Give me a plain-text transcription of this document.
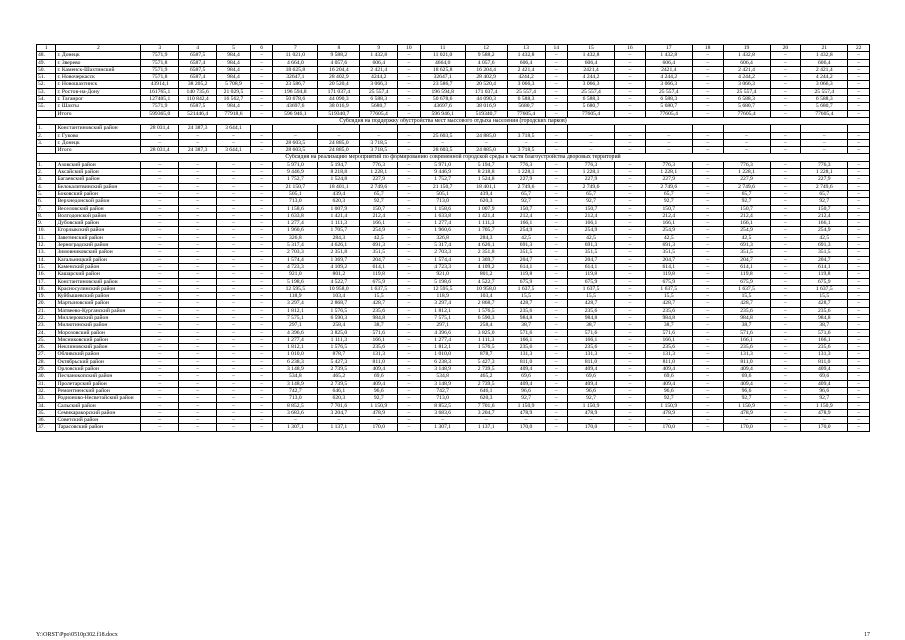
1	2	3	4	5	6	7	8	9	10	11	12	13	14	15	16	17	18	19	20	21	22
48.	г. Донецк	7571,9	6587,5	984,4	–	11 021,0	9 588,2	1 432,8	–	11 021,0	9 588,2	1 432,8	–	1 432,8	–	1 432,8	–	1 432,8	–	1 432,8	–
49.	г. Зверево	7571,8	6587,4	984,4	–	4 664,0	4 057,6	606,4	–	4664,0	4 057,6	606,4	–	606,4	–	606,4	–	606,4	–	606,4	–
50.	г. Каменск-Шахтинский	7571,9	6587,5	984,4	–	18 625,8	16 204,4	2 421,4	–	18 625,8	16 204,4	2 421,4	–	2421,4	–	2421,4	–	2 421,4	–	2 421,4	–
51.	г. Новочеркасск	7571,8	6587,4	984,4	–	32647,1	28 402,9	4244,2	–	32647,1	28 402,9	4244,2	–	4 244,2	–	4 244,2	–	4 244,2	–	4 244,2	–
52.	г. Новошахтинск	43914,1	38 205,2	5 708,9	–	23 586,7	20 520,4	3 066,3	–	23 586,7	20 520,4	3 066,3	–	3 066,3	–	3 066,3	–	3 066,3	–	3 066,3	–
53.	г. Ростов-на-Дону	161765,1	140 735,6	21 029,5	–	196 594,8	171 037,4	25 557,4	–	196 594,8	171 037,4	25 557,4	–	25 557,4	–	25 557,4	–	25 557,4	–	25 557,4	–
54.	г. Таганрог	127405,1	110 842,4	16 562,7	–	50 678,6	44 090,3	6 588,3	–	50 678,6	44 090,3	6 588,3	–	6 588,3	–	6 588,3	–	6 588,3	–	6 588,3	–
55.	г. Шахты	7571,9	6587,5	984,4	–	43697,6	38 016,9	5680,7	–	43697,6	38 016,9	5680,7	–	5 680,7	–	5 680,7	–	5 680,7	–	5 680,7	–
	Итого	599365,0	521446,4	77918,6	–	596 946,1	519340,7	77605,4	–	596 946,1	519340,7	77605,4	–	77605,4	–	77605,4	–	77605,4	–	77605,4	–
Субсидия на поддержку обустройства мест массового отдыха населения (городских парков)																					
1.	Константиновский район	28 031,4	24 387,3	3 644,1																	
2.	г. Гуково	–	–	–	–	–	–	–	–	25 603,5	24 885,0	3 718,5	–	–	–	–	–	–	–	–	–
3.	г. Донецк	–	–	–	–	28 603,5	24 885,0	3 718,5	–	–	–	–	–	–	–	–	–	–	–	–	–
	Итого	28 031,4	24 387,3	3 644,1	–	28 603,5	24 885,0	3 718,5	–	28 603,5	24 885,0	3 718,5	–	–	–	–	–	–	–	–	–
Субсидия на реализацию мероприятий по формированию современной городской среды в части благоустройства дворовых территорий																					
1.	Азовский район	–	–	–	–	5 971,0	5 194,7	776,3	–	5 971,0	5 194,7	776,3	–	776,3	–	776,3	–	776,3	–	776,3	–
2.	Аксайский район	–	–	–	–	9 446,9	8 218,8	1 228,1	–	9 446,9	8 218,8	1 228,1	–	1 228,1	–	1 228,1	–	1 228,1	–	1 228,1	–
3.	Багаевский район	–	–	–	–	1 752,7	1 524,8	227,9	–	1 752,7	1 524,8	227,9	–	227,9	–	227,9	–	227,9	–	227,9	–
4.	Белокалитвинский район	–	–	–	–	21 150,7	18 401,1	2 749,6	–	21 150,7	18 401,1	2 749,6	–	2 749,6	–	2 749,6	–	2 749,6	–	2 749,6	–
5.	Боковский район	–	–	–	–	505,1	439,4	65,7	–	505,1	439,4	65,7	–	65,7	–	65,7	–	65,7	–	65,7	–
6.	Верхнедонской район	–	–	–	–	713,0	620,3	92,7	–	713,0	620,3	92,7	–	92,7	–	92,7	–	92,7	–	92,7	–
7.	Веселовский район	–	–	–	–	1 158,6	1 007,9	150,7	–	1 158,6	1 007,9	150,7	–	150,7	–	150,7	–	150,7	–	150,7	–
8.	Волгодонской район	–	–	–	–	1 633,8	1 421,4	212,4	–	1 633,8	1 421,4	212,4	–	212,4	–	212,4	–	212,4	–	212,4	–
9.	Дубовский район	–	–	–	–	1 277,4	1 111,3	166,1	–	1 277,4	1 111,3	166,1	–	166,1	–	166,1	–	166,1	–	166,1	–
10.	Егорлыкский район	–	–	–	–	1 960,6	1 705,7	254,9	–	1 960,6	1 705,7	254,9	–	254,9	–	254,9	–	254,9	–	254,9	–
11.	Заветинский район	–	–	–	–	326,8	284,3	42,5	–	326,8	284,3	42,5	–	42,5	–	42,5	–	42,5	–	42,5	–
12.	Зерноградский район	–	–	–	–	5 317,4	4 626,1	691,3	–	5 317,4	4 626,1	691,3	–	691,3	–	691,3	–	691,3	–	691,3	–
13.	Зимовниковский район	–	–	–	–	2 703,3	2 351,8	351,5	–	2 703,3	2 351,8	351,5	–	351,5	–	351,5	–	351,5	–	351,5	–
14.	Кагальницкий район	–	–	–	–	1 574,4	1 369,7	204,7	–	1 574,4	1 369,7	204,7	–	204,7	–	204,7	–	204,7	–	204,7	–
15.	Каменский район	–	–	–	–	4 723,3	4 109,2	614,1	–	4 723,3	4 109,2	614,1	–	614,1	–	614,1	–	614,1	–	614,1	–
16.	Кашарский район	–	–	–	–	921,0	801,2	119,8	–	921,0	801,2	119,8	–	119,8	–	119,8	–	119,8	–	119,8	–
17.	Константиновский район	–	–	–	–	5 198,6	4 522,7	675,9	–	5 198,6	4 522,7	675,9	–	675,9	–	675,9	–	675,9	–	675,9	–
18.	Красносулинский район	–	–	–	–	12 595,5	10 958,0	1 637,5	–	12 595,5	10 958,0	1 637,5	–	1 637,5	–	1 637,5	–	1 637,5	–	1 637,5	–
19.	Куйбышевский район	–	–	–	–	118,9	103,4	15,5	–	118,9	103,4	15,5	–	15,5	–	15,5	–	15,5	–	15,5	–
20.	Мартыновский район	–	–	–	–	3 297,4	2 868,7	428,7	–	3 297,4	2 868,7	428,7	–	428,7	–	428,7	–	428,7	–	428,7	–
21.	Матвеево-Курганский район	–	–	–	–	1 812,1	1 576,5	235,6	–	1 812,1	1 576,5	235,6	–	235,6	–	235,6	–	235,6	–	235,6	–
22.	Миллеровский район	–	–	–	–	7 575,1	6 590,3	984,8	–	7 575,1	6 590,3	984,8	–	984,8	–	984,8	–	984,8	–	984,8	–
23.	Милютинский район	–	–	–	–	297,1	258,4	38,7	–	297,1	258,4	38,7	–	38,7	–	38,7	–	38,7	–	38,7	–
24.	Морозовский район	–	–	–	–	4 396,6	3 825,0	571,6	–	4 396,6	3 825,0	571,6	–	571,6	–	571,6	–	571,6	–	571,6	–
25.	Мясниковский район	–	–	–	–	1 277,4	1 111,3	166,1	–	1 277,4	1 111,3	166,1	–	166,1	–	166,1	–	166,1	–	166,1	–
26.	Неклиновский район	–	–	–	–	1 812,1	1 576,5	235,6	–	1 812,1	1 576,5	235,6	–	235,6	–	235,6	–	235,6	–	235,6	–
27.	Обливский район	–	–	–	–	1 010,0	878,7	131,3	–	1 010,0	878,7	131,3	–	131,3	–	131,3	–	131,3	–	131,3	–
28.	Октябрьский район	–	–	–	–	6 238,3	5 427,3	811,0	–	6 238,3	5 427,3	811,0	–	811,0	–	811,0	–	811,0	–	811,0	–
29.	Орловский район	–	–	–	–	3 148,9	2 739,5	409,4	–	3 148,9	2 739,5	409,4	–	409,4	–	409,4	–	409,4	–	409,4	–
30.	Песчанокопский район	–	–	–	–	534,8	465,2	69,6	–	534,8	465,2	69,6	–	69,6	–	69,6	–	69,6	–	69,6	–
31.	Пролетарский район	–	–	–	–	3 148,9	2 739,5	409,4	–	3 148,9	2 739,5	409,4	–	409,4	–	409,4	–	409,4	–	409,4	–
32.	Ремонтненский район	–	–	–	–	742,7	646,1	96,6	–	742,7	646,1	96,6	–	96,6	–	96,6	–	96,6	–	96,6	–
33.	Родионово-Несветайский район	–	–	–	–	713,0	620,3	92,7	–	713,0	620,3	92,7	–	92,7	–	92,7	–	92,7	–	92,7	–
34.	Сальский район	–	–	–	–	8 852,5	7 701,6	1 150,9	–	8 852,5	7 701,6	1 150,9	–	1 150,9	–	1 150,9	–	1 150,9	–	1 150,9	–
35.	Семикаракорский район	–	–	–	–	3 683,6	3 204,7	478,9	–	3 683,6	3 204,7	478,9	–	478,9	–	478,9	–	478,9	–	478,9	–
36.	Советский район	–	–	–	–	–	–	–	–	–	–	–	–	–	–	–	–	–	–	–	–
37.	Тарасовский район	–	–	–	–	1 307,1	1 137,1	170,0	–	1 307,1	1 137,1	170,0	–	170,0	–	170,0	–	170,0	–	170,0	–
Y:\ORST\Ppo\0510p302.f18.docx	17
